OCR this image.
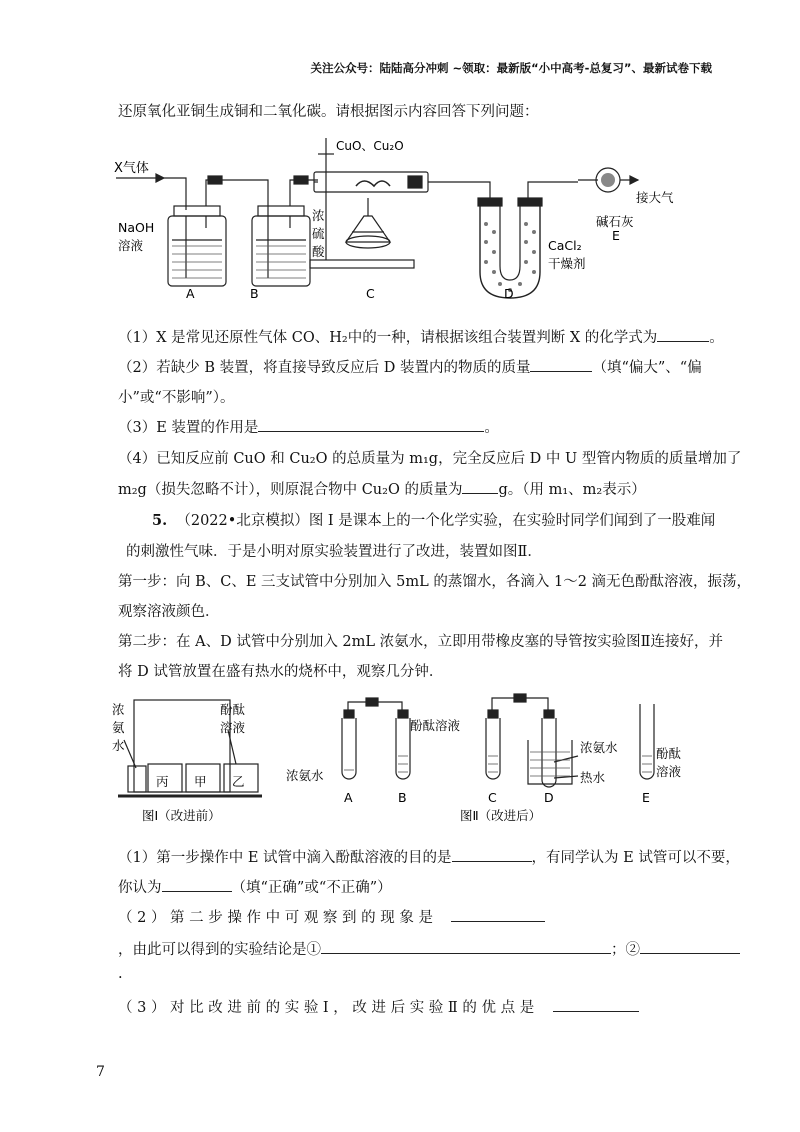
关注公众号：陆陆高分冲刺 ~领取：最新版“小中高考-总复习”、最新试卷下载
还原氧化亚铜生成铜和二氧化碳。请根据图示内容回答下列问题：
X气体
CuO、Cu₂O
NaOH
溶液
浓
硫
酸	CaCl₂
干燥剂
碱石灰
接大气
A	B	C	D
E
（1）X 是常见还原性气体 CO、H₂中的一种，请根据该组合装置判断 X 的化学式为	。
（2）若缺少 B 装置，将直接导致反应后 D 装置内的物质的质量	（填“偏大”、“偏
小”或“不影响”）。
（3）E 装置的作用是	。
（4）已知反应前 CuO 和 Cu₂O 的总质量为 m₁g，完全反应后 D 中 U 型管内物质的质量增加了
m₂g（损失忽略不计），则原混合物中 Cu₂O 的质量为 g。（用 m₁、m₂表示）
5. （2022•北京模拟）图 I 是课本上的一个化学实验，在实验时同学们闻到了一股难闻
的刺激性气味．于是小明对原实验装置进行了改进，装置如图Ⅱ．
第一步：向 B、C、E 三支试管中分别加入 5mL 的蒸馏水，各滴入 1～2 滴无色酚酞溶液，振荡，
观察溶液颜色．
第二步：在 A、D 试管中分别加入 2mL 浓氨水，立即用带橡皮塞的导管按实验图Ⅱ连接好，并
将 D 试管放置在盛有热水的烧杯中，观察几分钟．
浓
氨
水
酚酞
溶液
丙 甲 乙
图Ⅰ（改进前）
浓氨水
酚酞溶液
浓氨水
热水
酚酞
溶液
A	B	C	D	E
图Ⅱ（改进后）
（1）第一步操作中 E 试管中滴入酚酞溶液的目的是	，有同学认为 E 试管可以不要，
你认为	（填“正确”或“不正确”）
（ 2 ） 第 二 步 操 作 中 可 观 察 到 的 现 象 是
，由此可以得到的实验结论是①	；②
.
（ 3 ） 对 比 改 进 前 的 实 验 Ⅰ ， 改 进 后 实 验 Ⅱ 的 优 点 是
7
